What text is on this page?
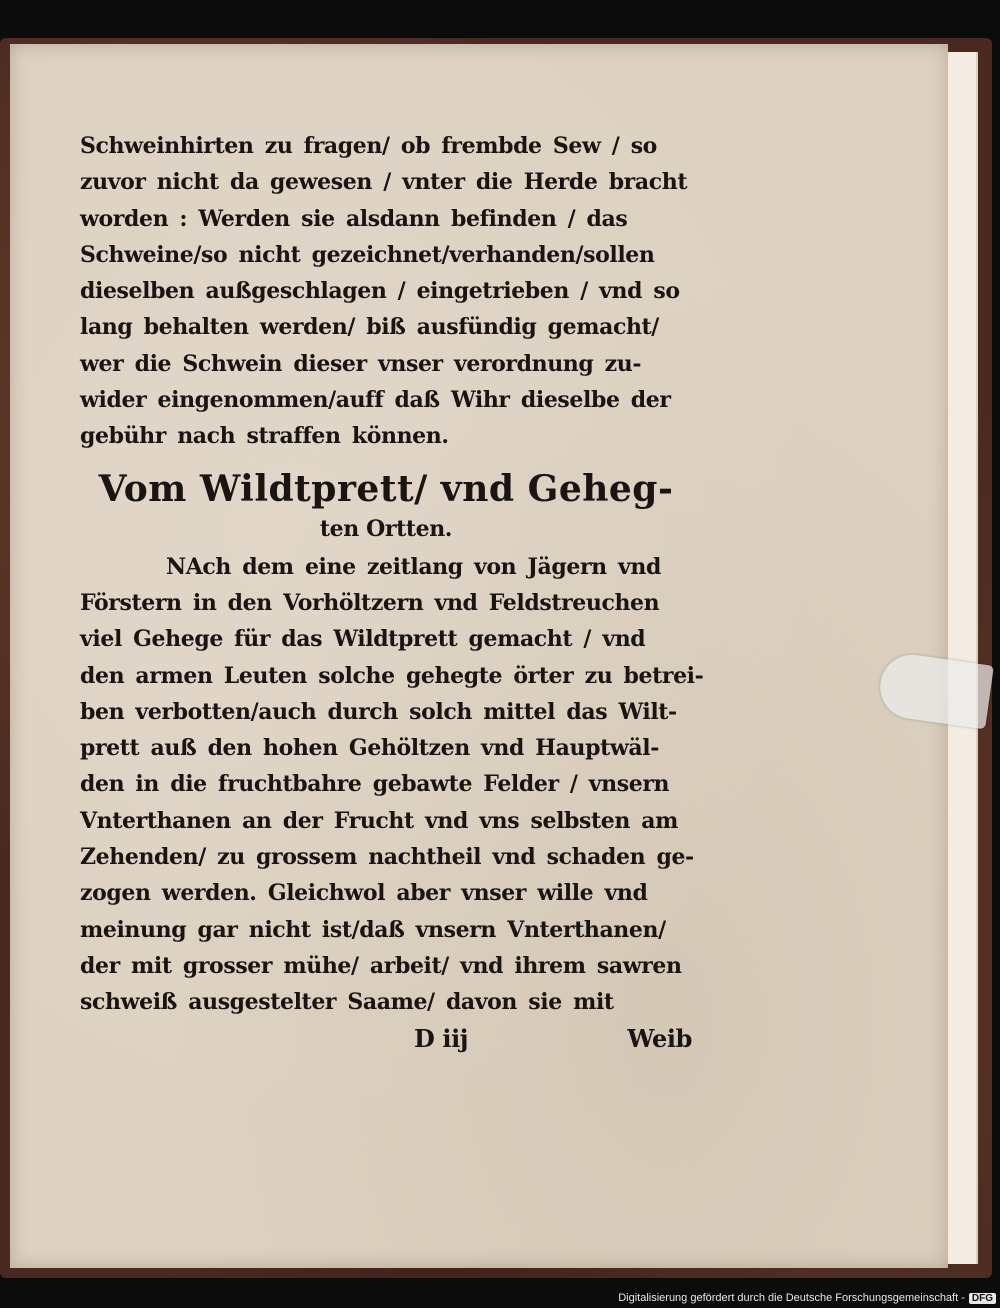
Schweinhirten zu fragen/ ob frembde Sew / so
zuvor nicht da gewesen / vnter die Herde bracht
worden : Werden sie alsdann befinden / das
Schweine/so nicht gezeichnet/verhanden/sollen
dieselben außgeschlagen / eingetrieben / vnd so
lang behalten werden/ biß ausfündig gemacht/
wer die Schwein dieser vnser verordnung zu-
wider eingenommen/auff daß Wihr dieselbe der
gebühr nach straffen können.
Vom Wildtprett/ vnd Geheg-
ten Ortten.
NAch dem eine zeitlang von Jägern vnd
Förstern in den Vorhöltzern vnd Feldstreuchen
viel Gehege für das Wildtprett gemacht / vnd
den armen Leuten solche gehegte örter zu betrei-
ben verbotten/auch durch solch mittel das Wilt-
prett auß den hohen Gehöltzen vnd Hauptwäl-
den in die fruchtbahre gebawte Felder / vnsern
Vnterthanen an der Frucht vnd vns selbsten am
Zehenden/ zu grossem nachtheil vnd schaden ge-
zogen werden. Gleichwol aber vnser wille vnd
meinung gar nicht ist/daß vnsern Vnterthanen/
der mit grosser mühe/ arbeit/ vnd ihrem sawren
schweiß ausgestelter Saame/ davon sie mit
D iij	Weib
Digitalisierung gefördert durch die Deutsche Forschungsgemeinschaft - DFG
